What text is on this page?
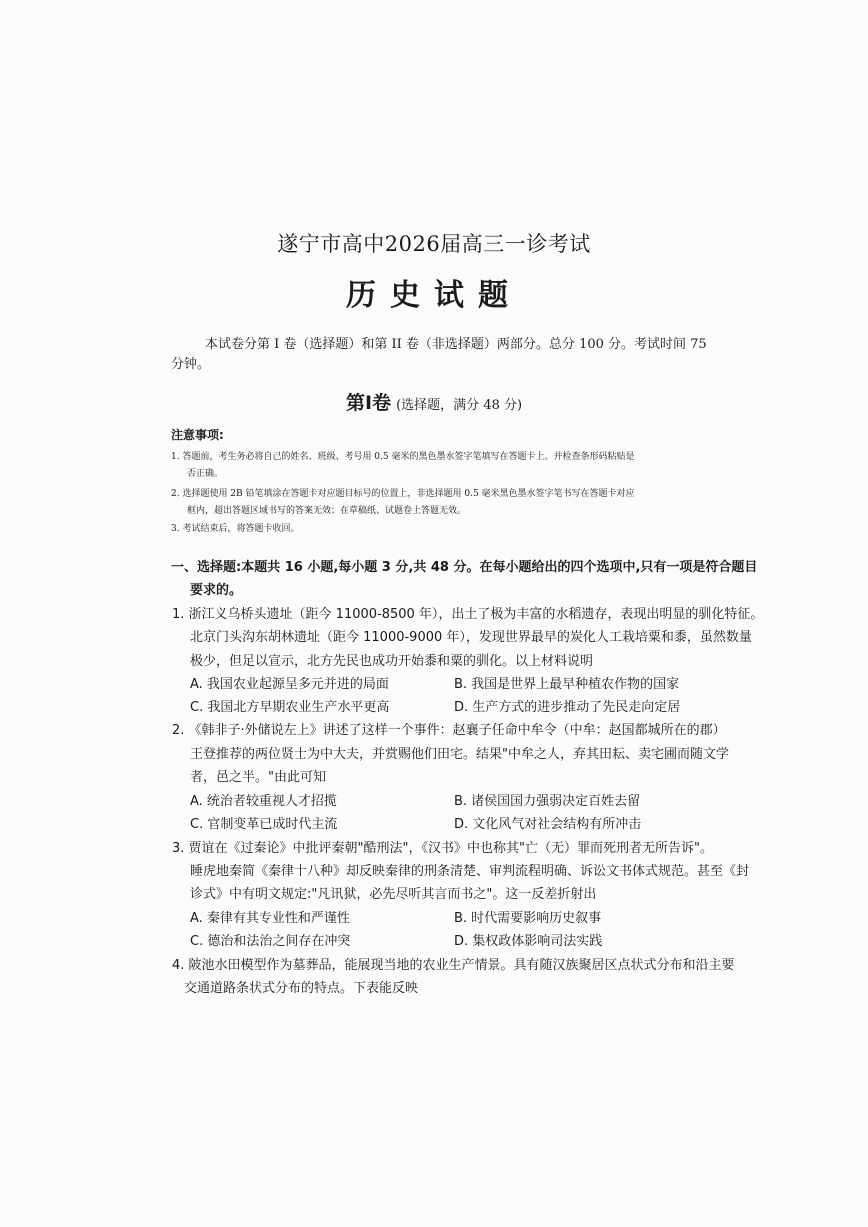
遂宁市高中2026届高三一诊考试
历史试题
本试卷分第 I 卷（选择题）和第 II 卷（非选择题）两部分。总分 100 分。考试时间 75
分钟。
第I卷 (选择题，满分 48 分)
注意事项:
1. 答题前，考生务必将自己的姓名、班级、考号用 0.5 毫米的黑色墨水签字笔填写在答题卡上。并检查条形码粘贴是
否正确。
2. 选择题使用 2B 铅笔填涂在答题卡对应题目标号的位置上，非选择题用 0.5 毫米黑色墨水签字笔书写在答题卡对应
框内，超出答题区域书写的答案无效；在草稿纸、试题卷上答题无效。
3. 考试结束后，将答题卡收回。
一、选择题:本题共 16 小题,每小题 3 分,共 48 分。在每小题给出的四个选项中,只有一项是符合题目
要求的。
1. 浙江义乌桥头遗址（距今 11000-8500 年），出土了极为丰富的水稻遗存，表现出明显的驯化特征。
北京门头沟东胡林遗址（距今 11000-9000 年），发现世界最早的炭化人工栽培粟和黍，虽然数量
极少，但足以宣示，北方先民也成功开始黍和粟的驯化。以上材料说明
A. 我国农业起源呈多元并进的局面	B. 我国是世界上最早种植农作物的国家
C. 我国北方早期农业生产水平更高	D. 生产方式的进步推动了先民走向定居
2. 《韩非子·外储说左上》讲述了这样一个事件：赵襄子任命中牟令（中牟：赵国都城所在的郡）
王登推荐的两位贤士为中大夫，并赏赐他们田宅。结果"中牟之人，弃其田耘、卖宅圃而随文学
者，邑之半。"由此可知
A. 统治者较重视人才招揽	B. 诸侯国国力强弱决定百姓去留
C. 官制变革已成时代主流	D. 文化风气对社会结构有所冲击
3. 贾谊在《过秦论》中批评秦朝"酷刑法"，《汉书》中也称其"亡（无）罪而死刑者无所告诉"。
睡虎地秦简《秦律十八种》却反映秦律的刑条清楚、审判流程明确、诉讼文书体式规范。甚至《封
诊式》中有明文规定:"凡讯狱，必先尽听其言而书之"。这一反差折射出
A. 秦律有其专业性和严谨性	B. 时代需要影响历史叙事
C. 德治和法治之间存在冲突	D. 集权政体影响司法实践
4. 陂池水田模型作为墓葬品，能展现当地的农业生产情景。具有随汉族聚居区点状式分布和沿主要
交通道路条状式分布的特点。下表能反映
